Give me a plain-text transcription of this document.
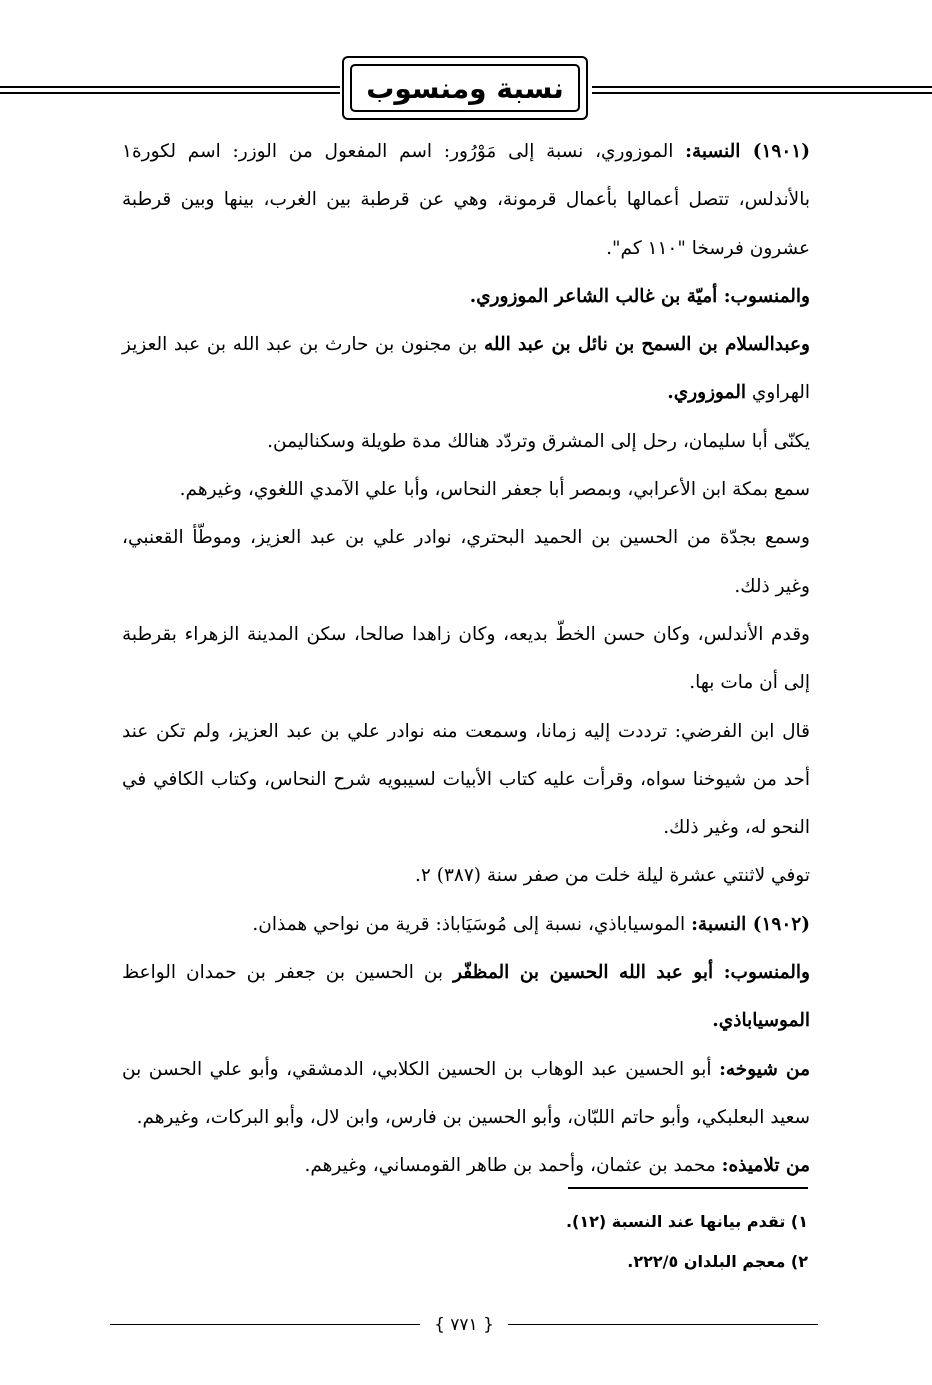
نسبة ومنسوب

(١٩٠١) النسبة: الموزوري، نسبة إلى مَوْرُور: اسم المفعول من الوزر: اسم لكورة١ بالأندلس، تتصل أعمالها بأعمال قرمونة، وهي عن قرطبة بين الغرب، بينها وبين قرطبة عشرون فرسخا "١١٠ كم".

والمنسوب: أميّة بن غالب الشاعر الموزوري.

وعبدالسلام بن السمح بن نائل بن عبد الله بن مجنون بن حارث بن عبد الله بن عبد العزيز الهراوي الموزوري.

يكنّى أبا سليمان، رحل إلى المشرق وتردّد هنالك مدة طويلة وسكناليمن.

سمع بمكة ابن الأعرابي، وبمصر أبا جعفر النحاس، وأبا علي الآمدي اللغوي، وغيرهم.

وسمع بجدّة من الحسين بن الحميد البحتري، نوادر علي بن عبد العزيز، وموطّأ القعنبي، وغير ذلك.

وقدم الأندلس، وكان حسن الخطّ بديعه، وكان زاهدا صالحا، سكن المدينة الزهراء بقرطبة إلى أن مات بها.

قال ابن الفرضي: ترددت إليه زمانا، وسمعت منه نوادر علي بن عبد العزيز، ولم تكن عند أحد من شيوخنا سواه، وقرأت عليه كتاب الأبيات لسيبويه شرح النحاس، وكتاب الكافي في النحو له، وغير ذلك.

توفي لاثنتي عشرة ليلة خلت من صفر سنة (٣٨٧) ٢.

(١٩٠٢) النسبة: الموسياباذي، نسبة إلى مُوسَيَاباذ: قرية من نواحي همذان.

والمنسوب: أبو عبد الله الحسين بن المظفّر بن الحسين بن جعفر بن حمدان الواعظ الموسياباذي.

من شيوخه: أبو الحسين عبد الوهاب بن الحسين الكلابي، الدمشقي، وأبو علي الحسن بن سعيد البعلبكي، وأبو حاتم اللبّان، وأبو الحسين بن فارس، وابن لال، وأبو البركات، وغيرهم.

من تلاميذه: محمد بن عثمان، وأحمد بن طاهر القومساني، وغيرهم.

١) تقدم بيانها عند النسبة (١٢).
٢) معجم البلدان ٢٢٢/٥.
{ ٧٧١ }
